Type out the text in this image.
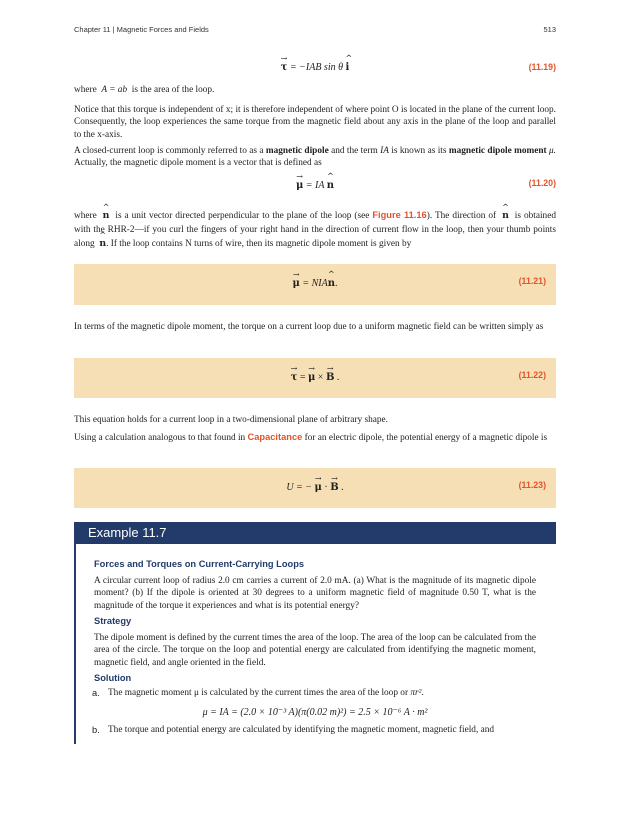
Chapter 11 | Magnetic Forces and Fields	513
→ τ = −IAB sin θ ^ i	(11.19)

where A = ab is the area of the loop.

Notice that this torque is independent of x; it is therefore independent of where point O is located in the plane of the current loop. Consequently, the loop experiences the same torque from the magnetic field about any axis in the plane of the loop and parallel to the x-axis.

A closed-current loop is commonly referred to as a magnetic dipole and the term IA is known as its magnetic dipole moment μ. Actually, the magnetic dipole moment is a vector that is defined as

→ μ = IA ^ n	(11.20)

where ^ n is a unit vector directed perpendicular to the plane of the loop (see Figure 11.16). The direction of ^ n is obtained with the RHR-2—if you curl the fingers of your right hand in the direction of current flow in the loop, then your thumb points along ^ n. If the loop contains N turns of wire, then its magnetic dipole moment is given by

→ μ = NIA^ n.	(11.21)

In terms of the magnetic dipole moment, the torque on a current loop due to a uniform magnetic field can be written simply as

→ τ = → μ × → B .	(11.22)

This equation holds for a current loop in a two-dimensional plane of arbitrary shape.

Using a calculation analogous to that found in Capacitance for an electric dipole, the potential energy of a magnetic dipole is

U = − → μ · → B .	(11.23)
Example 11.7

Forces and Torques on Current-Carrying Loops

A circular current loop of radius 2.0 cm carries a current of 2.0 mA. (a) What is the magnitude of its magnetic dipole moment? (b) If the dipole is oriented at 30 degrees to a uniform magnetic field of magnitude 0.50 T, what is the magnitude of the torque it experiences and what is its potential energy?

Strategy

The dipole moment is defined by the current times the area of the loop. The area of the loop can be calculated from the area of the circle. The torque on the loop and potential energy are calculated from identifying the magnetic moment, magnetic field, and angle oriented in the field.

Solution

a. The magnetic moment μ is calculated by the current times the area of the loop or πr².
μ = IA = (2.0 × 10⁻³ A)(π(0.02 m)²) = 2.5 × 10⁻⁶ A · m²
b. The torque and potential energy are calculated by identifying the magnetic moment, magnetic field, and
